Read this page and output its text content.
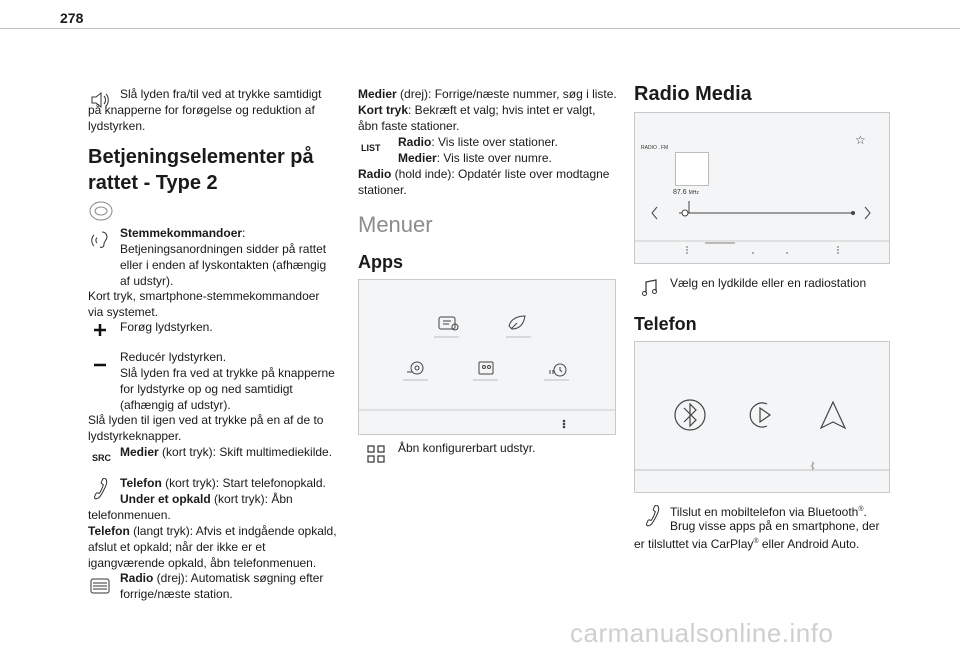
278

Slå lyden fra/til ved at trykke samtidigt på knapperne for forøgelse og reduktion af lydstyrken.

Betjeningselementer på rattet - Type 2
Stemmekommandoer:

Betjeningsanordningen sidder på rattet eller i enden af lyskontakten (afhængig af udstyr).

Kort tryk, smartphone-stemmekommandoer via systemet.

Forøg lydstyrken.

Reducér lydstyrken.

Slå lyden fra ved at trykke på knapperne for lydstyrke op og ned samtidigt (afhængig af udstyr).

Slå lyden til igen ved at trykke på en af de to lydstyrkeknapper.

SRC Medier (kort tryk): Skift multimediekilde.

Telefon (kort tryk): Start telefonopkald.

Under et opkald (kort tryk): Åbn telefonmenuen.

Telefon (langt tryk): Afvis et indgående opkald, afslut et opkald; når der ikke er et igangværende opkald, åbn telefonmenuen.

Radio (drej): Automatisk søgning efter forrige/næste station.

Medier (drej): Forrige/næste nummer, søg i liste.

Kort tryk: Bekræft et valg; hvis intet er valgt, åbn faste stationer.

LIST Radio: Vis liste over stationer.

Medier: Vis liste over numre.

Radio (hold inde): Opdatér liste over modtagne stationer.

Menuer
Apps

Åbn konfigurerbart udstyr.

Radio Media
RADIO . FM
☆
87.6 MHz

Vælg en lydkilde eller en radiostation

Telefon

Tilslut en mobiltelefon via Bluetooth®.

Brug visse apps på en smartphone, der er tilsluttet via CarPlay® eller Android Auto.

carmanualsonline.info
